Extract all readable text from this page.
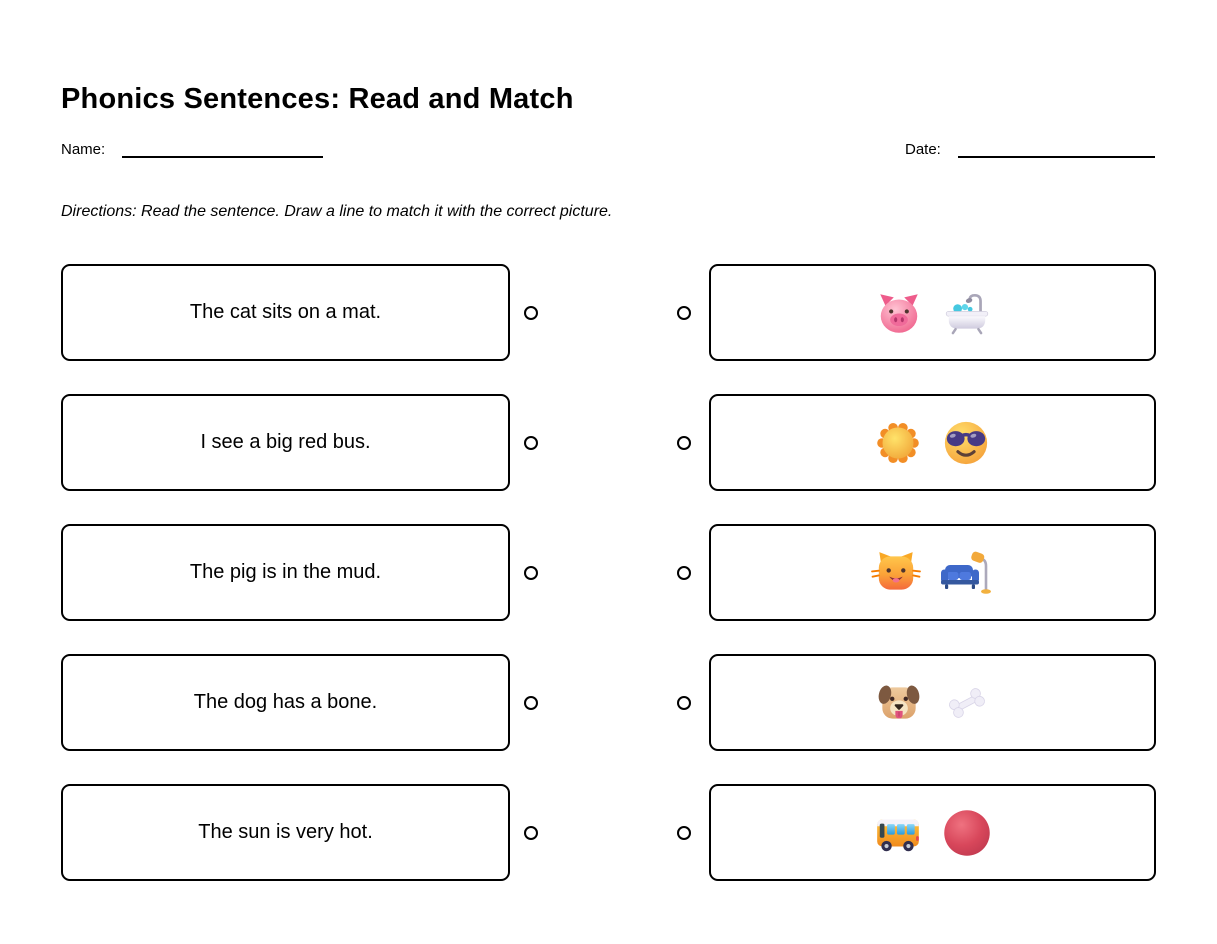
Phonics Sentences: Read and Match
Name:	Date:
Directions: Read the sentence. Draw a line to match it with the correct picture.
The cat sits on a mat.
I see a big red bus.
The pig is in the mud.
The dog has a bone.
The sun is very hot.
